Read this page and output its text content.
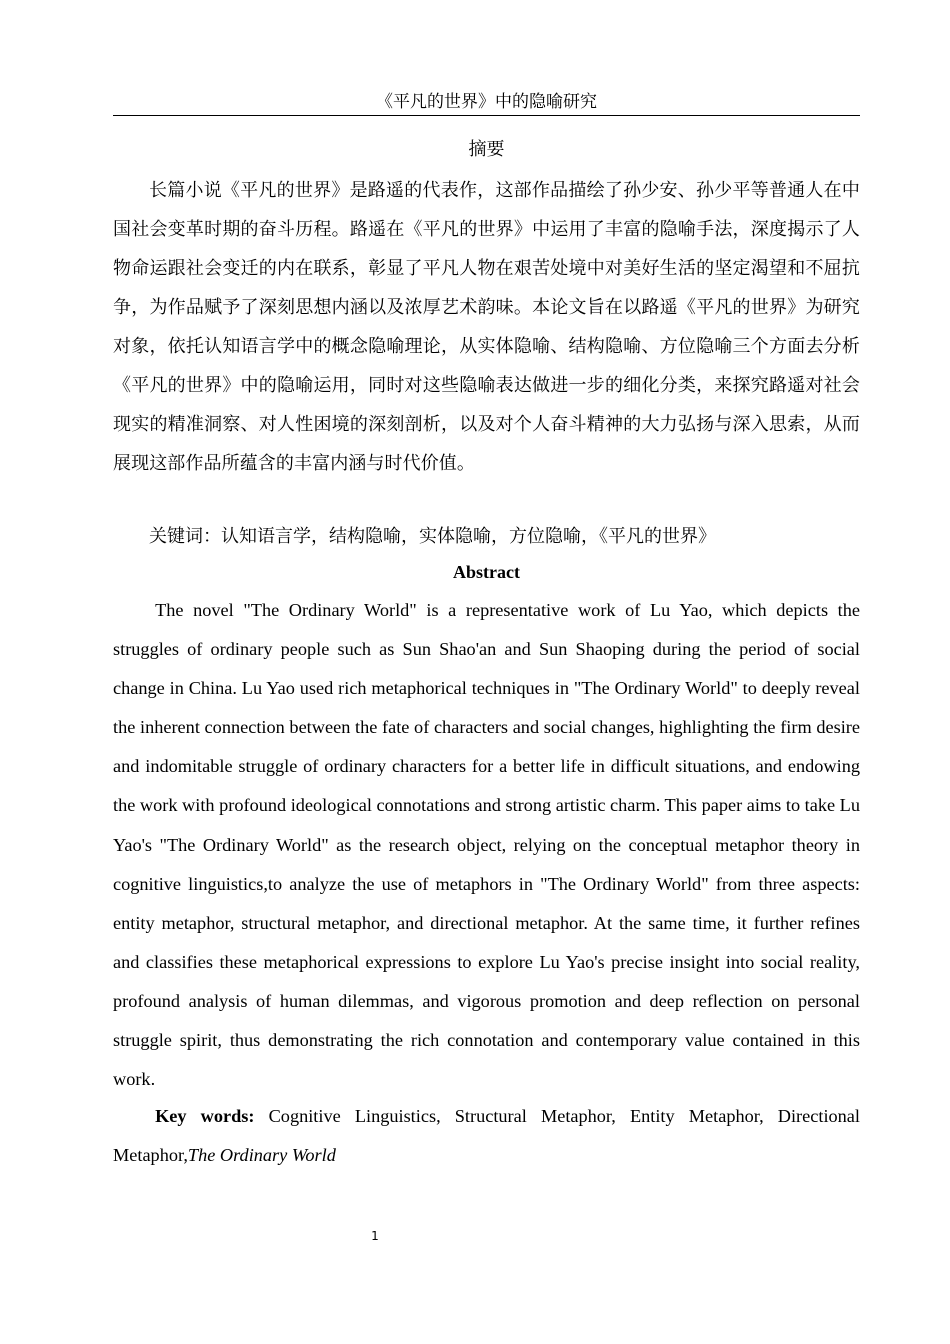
《平凡的世界》中的隐喻研究
摘要

长篇小说《平凡的世界》是路遥的代表作，这部作品描绘了孙少安、孙少平等普通人在中国社会变革时期的奋斗历程。路遥在《平凡的世界》中运用了丰富的隐喻手法，深度揭示了人物命运跟社会变迁的内在联系，彰显了平凡人物在艰苦处境中对美好生活的坚定渴望和不屈抗争，为作品赋予了深刻思想内涵以及浓厚艺术韵味。本论文旨在以路遥《平凡的世界》为研究对象，依托认知语言学中的概念隐喻理论，从实体隐喻、结构隐喻、方位隐喻三个方面去分析《平凡的世界》中的隐喻运用，同时对这些隐喻表达做进一步的细化分类，来探究路遥对社会现实的精准洞察、对人性困境的深刻剖析，以及对个人奋斗精神的大力弘扬与深入思索，从而展现这部作品所蕴含的丰富内涵与时代价值。

关键词：认知语言学，结构隐喻，实体隐喻，方位隐喻，《平凡的世界》

Abstract

The novel "The Ordinary World" is a representative work of Lu Yao, which depicts the struggles of ordinary people such as Sun Shao'an and Sun Shaoping during the period of social change in China. Lu Yao used rich metaphorical techniques in "The Ordinary World" to deeply reveal the inherent connection between the fate of characters and social changes, highlighting the firm desire and indomitable struggle of ordinary characters for a better life in difficult situations, and endowing the work with profound ideological connotations and strong artistic charm. This paper aims to take Lu Yao's "The Ordinary World" as the research object, relying on the conceptual metaphor theory in cognitive linguistics,to analyze the use of metaphors in "The Ordinary World" from three aspects: entity metaphor, structural metaphor, and directional metaphor. At the same time, it further refines and classifies these metaphorical expressions to explore Lu Yao's precise insight into social reality, profound analysis of human dilemmas, and vigorous promotion and deep reflection on personal struggle spirit, thus demonstrating the rich connotation and contemporary value contained in this work.

Key words: Cognitive Linguistics, Structural Metaphor, Entity Metaphor, Directional Metaphor,The Ordinary World

1
